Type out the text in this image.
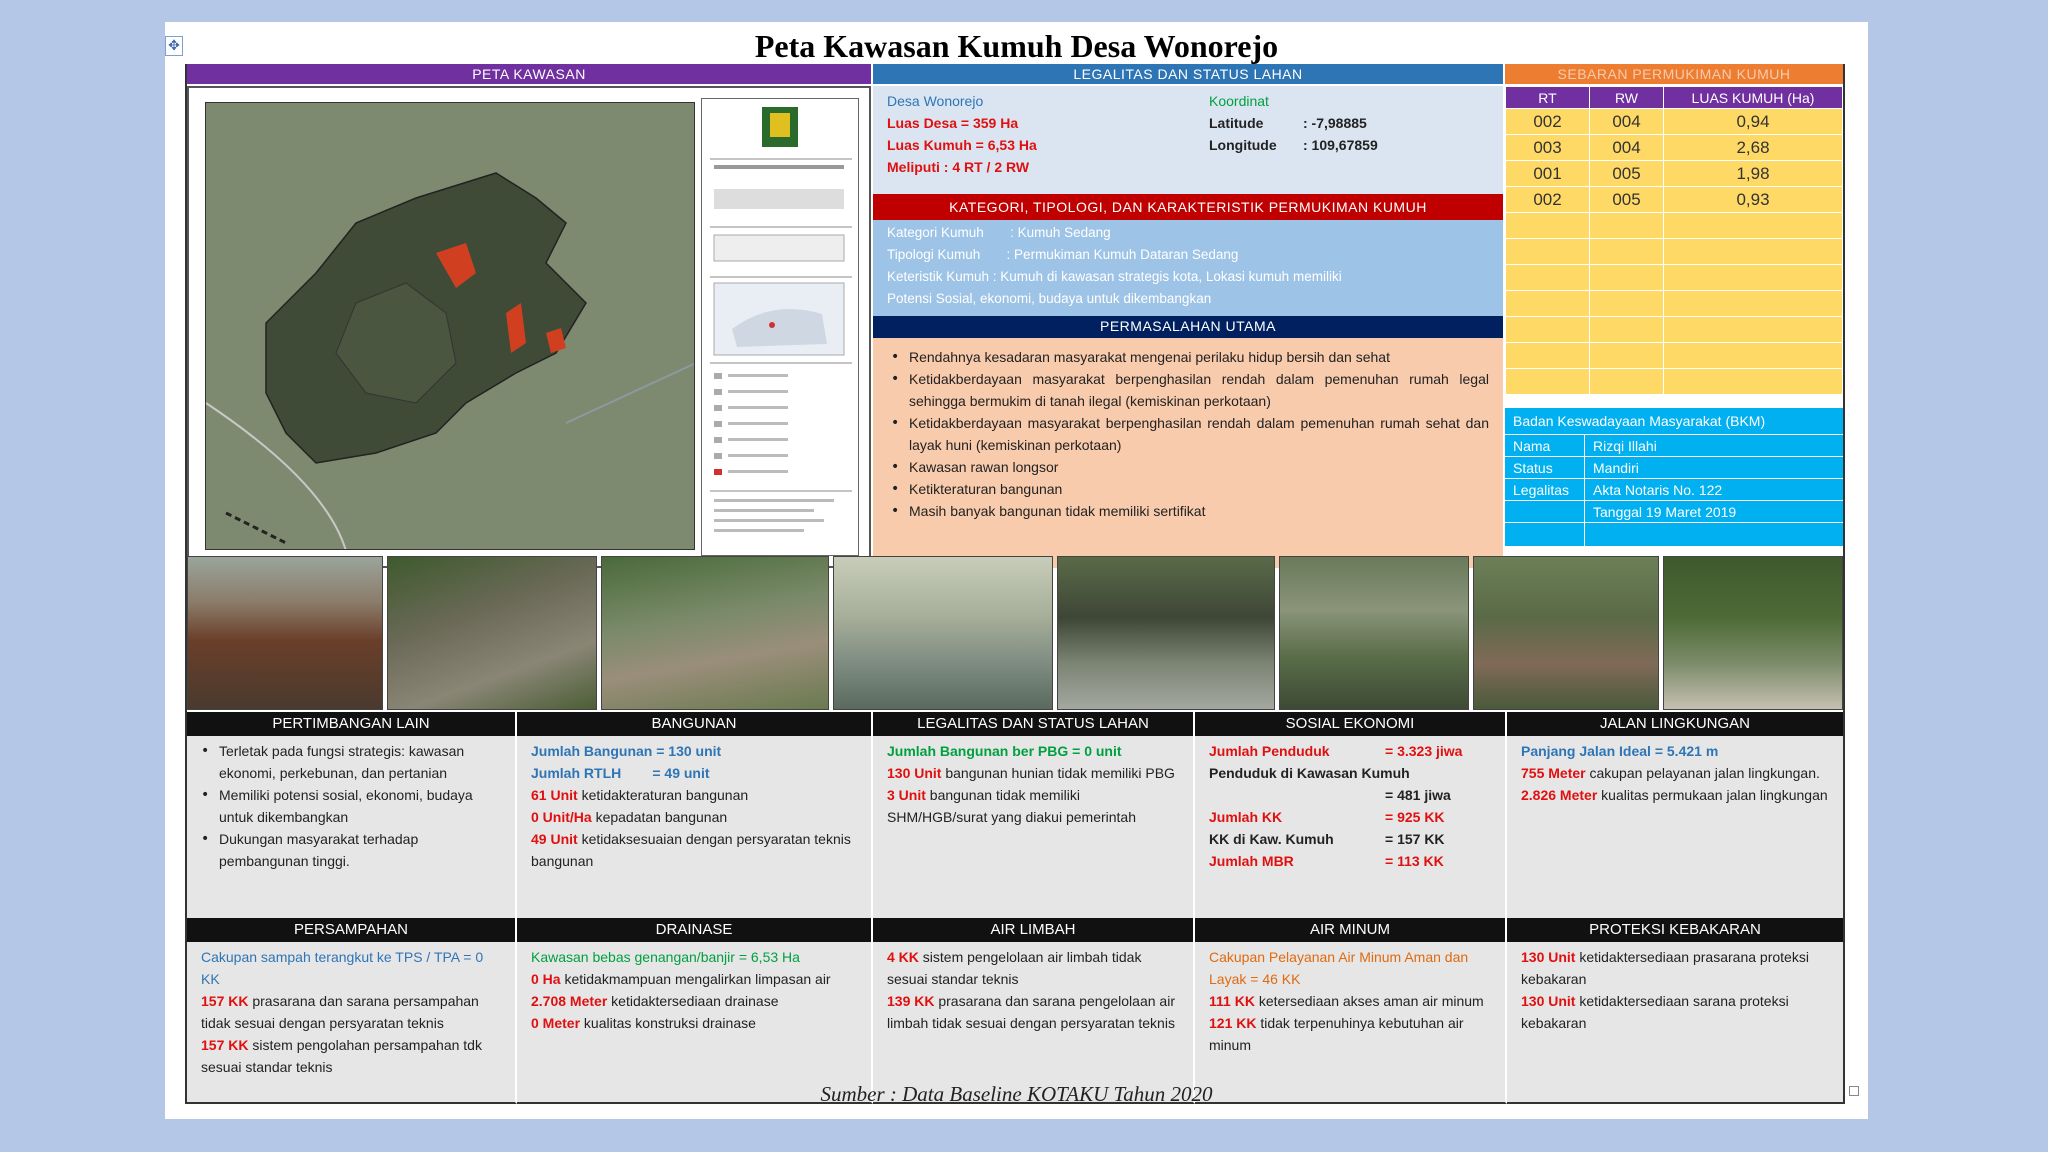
✥	Peta Kawasan Kumuh Desa Wonorejo
PETA KAWASAN	LEGALITAS DAN STATUS LAHAN
Desa Wonorejo
Luas Desa = 359 Ha
Luas Kumuh = 6,53 Ha
Meliputi : 4 RT / 2 RW
Koordinat
Latitude	: -7,98885
Longitude : 109,67859
KATEGORI, TIPOLOGI, DAN KARAKTERISTIK PERMUKIMAN KUMUH
Kategori Kumuh       : Kumuh Sedang
Tipologi Kumuh       : Permukiman Kumuh Dataran Sedang
Keteristik Kumuh : Kumuh di kawasan strategis kota, Lokasi kumuh memiliki
Potensi Sosial, ekonomi, budaya untuk dikembangkan
PERMASALAHAN UTAMA
• Rendahnya kesadaran masyarakat mengenai perilaku hidup bersih dan sehat
• Ketidakberdayaan masyarakat berpenghasilan rendah dalam pemenuhan rumah legal sehingga bermukim di tanah ilegal (kemiskinan perkotaan)
• Ketidakberdayaan masyarakat berpenghasilan rendah dalam pemenuhan rumah sehat dan layak huni (kemiskinan perkotaan)
• Kawasan rawan longsor
• Ketikteraturan bangunan
• Masih banyak bangunan tidak memiliki sertifikat
SEBARAN PERMUKIMAN KUMUH
RT	RW	LUAS KUMUH (Ha)
002	004	0,94
003	004	2,68
001	005	1,98
002	005	0,93

Badan Keswadayaan Masyarakat (BKM)
Nama	Rizqi Illahi
Status	Mandiri
Legalitas	Akta Notaris No. 122
Tanggal 19 Maret 2019
PERTIMBANGAN LAIN	BANGUNAN	LEGALITAS DAN STATUS LAHAN	SOSIAL EKONOMI	JALAN LINGKUNGAN
• Terletak pada fungsi strategis: kawasan ekonomi, perkebunan, dan pertanian
• Memiliki potensi sosial, ekonomi, budaya untuk dikembangkan
• Dukungan masyarakat terhadap pembangunan tinggi.
Jumlah Bangunan = 130 unit
Jumlah RTLH        = 49 unit
61 Unit ketidakteraturan bangunan
0 Unit/Ha kepadatan bangunan
49 Unit ketidaksesuaian dengan persyaratan teknis bangunan
Jumlah Bangunan ber PBG = 0 unit
130 Unit bangunan hunian tidak memiliki PBG
3 Unit bangunan tidak memiliki SHM/HGB/surat yang diakui pemerintah
Jumlah Penduduk	= 3.323 jiwa
Penduduk di Kawasan Kumuh
= 481 jiwa
Jumlah KK	= 925 KK
KK di Kaw. Kumuh	= 157 KK
Jumlah MBR	= 113 KK
Panjang Jalan Ideal = 5.421 m
755 Meter cakupan pelayanan jalan lingkungan.
2.826 Meter kualitas permukaan jalan lingkungan
PERSAMPAHAN	DRAINASE	AIR LIMBAH	AIR MINUM	PROTEKSI KEBAKARAN
Cakupan sampah terangkut ke TPS / TPA = 0 KK
157 KK prasarana dan sarana persampahan tidak sesuai dengan persyaratan teknis
157 KK sistem pengolahan persampahan tdk sesuai standar teknis
Kawasan bebas genangan/banjir = 6,53 Ha
0 Ha ketidakmampuan mengalirkan limpasan air
2.708 Meter ketidaktersediaan drainase
0 Meter kualitas konstruksi drainase
4 KK sistem pengelolaan air limbah tidak sesuai standar teknis
139 KK prasarana dan sarana pengelolaan air limbah tidak sesuai dengan persyaratan teknis
Cakupan Pelayanan Air Minum Aman dan Layak = 46 KK
111 KK ketersediaan akses aman air minum
121 KK tidak terpenuhinya kebutuhan air minum
130 Unit ketidaktersediaan prasarana proteksi kebakaran
130 Unit ketidaktersediaan sarana proteksi kebakaran
Sumber : Data Baseline KOTAKU Tahun 2020
